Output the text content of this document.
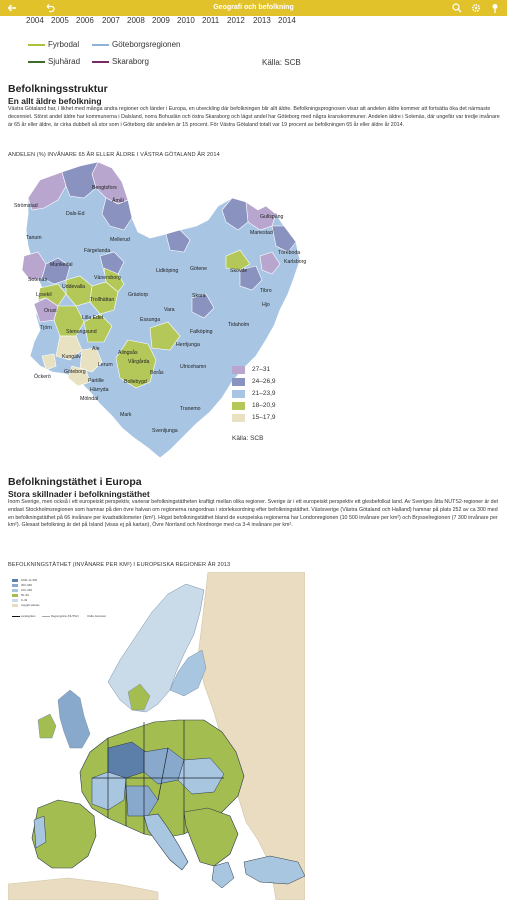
Geografi och befolkning
2004 2005 2006 2007 2008 2009 2010 2011 2012 2013 2014
Fyrbodal	Göteborgsregionen
Sjuhärad	Skaraborg	Källa: SCB
Befolkningsstruktur
En allt äldre befolkning
Västra Götaland har, i likhet med många andra regioner och länder i Europa, en utveckling där befolkningen blir allt äldre. Befolkningsprognosen visar att andelen äldre kommer att fortsätta öka det närmaste decenniet. Störst andel äldre har kommunerna i Dalsland, norra Bohuslän och östra Skaraborg och lägst andel har Göteborg med några kranskommuner. Andelen äldre i Sotenäs, där ungefär var tredje invånare är 65 år eller äldre, är cirka dubbelt så stor som i Göteborg där andelen är 15 procent. För Västra Götaland totalt var 19 procent av befolkningen 65 år eller äldre år 2014.
ANDELEN (%) INVÅNARE 65 ÅR ELLER ÄLDRE I VÄSTRA GÖTALAND ÅR 2014
Bengtsfors
Åmål
Strömstad
Dals-Ed
Tanum	Mellerud
Färgelanda
Munkedal
Gullspång
Mariestad
Töreboda
Karlsborg
Sotenäs
Lysekil
Uddevalla
Vänersborg
Lidköping Götene	Skövde
Tibro
Hjo
Grästorp
Trollhättan
Orust
Lilla Edet	Essunga
Vara
Skara
Tjörn
Stenungsund	Falköping
Tidaholm
Kungälv
Ale
Alingsås
Herrljunga
Vårgårda
Lerum
Öckerö
Göteborg
Partille
Härryda
Mölndal
Bollebygd
Borås
Ulricehamn
Mark
Tranemo
Svenljunga
27–31
24–26,9
21–23,9
18–20,9
15–17,9
Källa: SCB
Befolkningstäthet i Europa
Stora skillnader i befolkningstäthet
Inom Sverige, men också i ett europeiskt perspektiv, varierar befolkningstätheten kraftigt mellan olika regioner. Sverige är i ett europeiskt perspektiv ett glesbefolkat land. Av Sveriges åtta NUTS2-regioner är det endast Stockholmsregionen som hamnar på den övre halvan om regionerna rangordnas i storleksordning efter befolkningstäthet. Västsverige (Västra Götaland och Halland) hamnar på plats 252 av ca 300 med en befolkningstäthet på 66 invånare per kvadratkilometer (km²). Högst befolkningstäthet bland de europeiska regionerna har Londonregionen (10 500 invånare per km²) och Brysselregionen (7 300 invånare per km²). Glesast befolkning är det på Island (visas ej på kartan), Övre Norrland och Nordnorge med ca 3-4 invånare per km².
BEFOLKNINGSTÄTHET (INVÅNARE PER KM²) I EUROPEISKA REGIONER ÅR 2013
1000–11 500
300–999
100–299
50–99
0–49
Uppgift saknas
Landsgräns	Regiongräns (NUTS2)	Källa: Eurostat
